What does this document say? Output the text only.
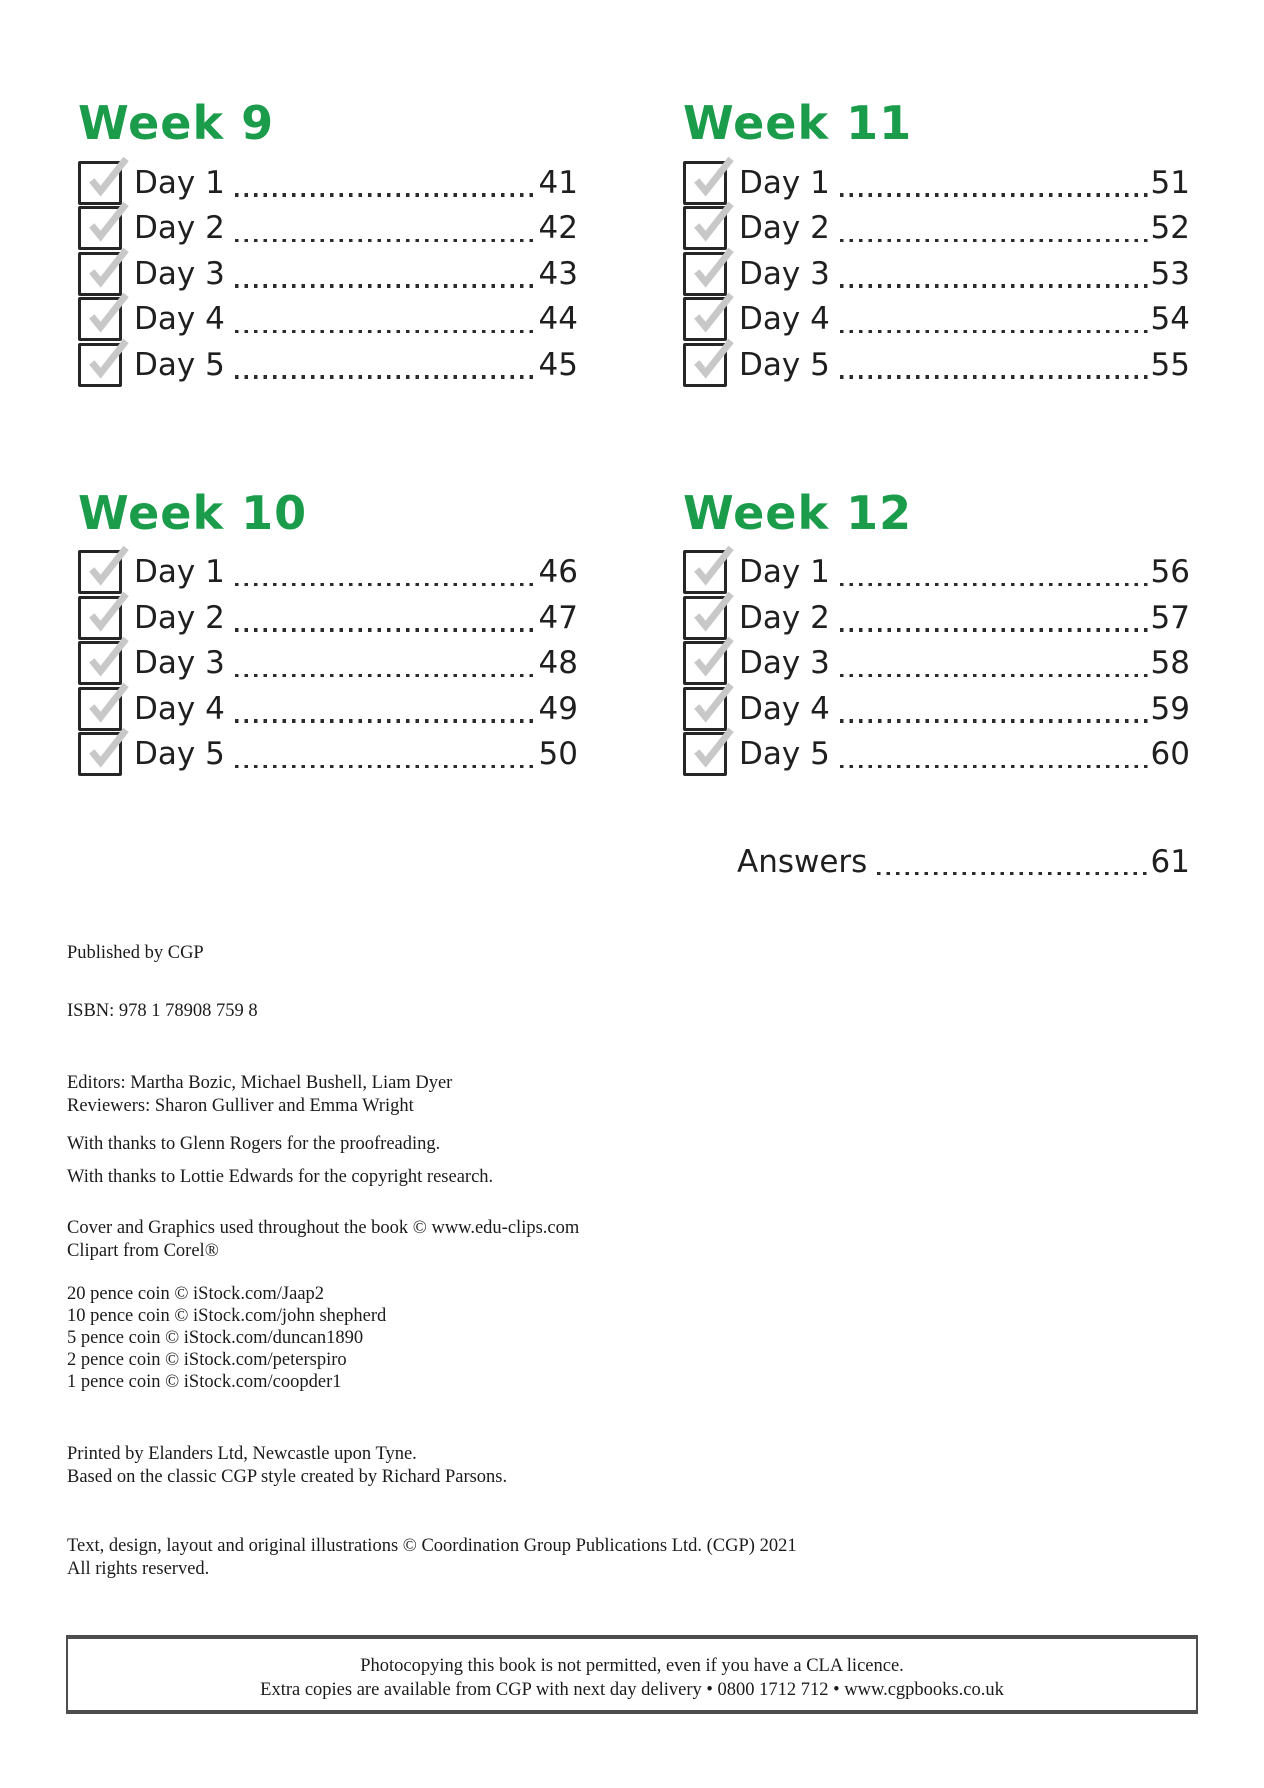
Week 9
Day 1	41
Day 2	42
Day 3	43
Day 4	44
Day 5	45
Week 10
Day 1	46
Day 2	47
Day 3	48
Day 4	49
Day 5	50
Week 11
Day 1	51
Day 2	52
Day 3	53
Day 4	54
Day 5	55
Week 12
Day 1	56
Day 2	57
Day 3	58
Day 4	59
Day 5	60
Answers	61

Published by CGP

ISBN: 978 1 78908 759 8

Editors: Martha Bozic, Michael Bushell, Liam Dyer
Reviewers: Sharon Gulliver and Emma Wright

With thanks to Glenn Rogers for the proofreading.

With thanks to Lottie Edwards for the copyright research.

Cover and Graphics used throughout the book © www.edu-clips.com
Clipart from Corel®

20 pence coin © iStock.com/Jaap2
10 pence coin © iStock.com/john shepherd
5 pence coin © iStock.com/duncan1890
2 pence coin © iStock.com/peterspiro
1 pence coin © iStock.com/coopder1

Printed by Elanders Ltd, Newcastle upon Tyne.
Based on the classic CGP style created by Richard Parsons.

Text, design, layout and original illustrations © Coordination Group Publications Ltd. (CGP) 2021
All rights reserved.

Photocopying this book is not permitted, even if you have a CLA licence.
Extra copies are available from CGP with next day delivery • 0800 1712 712 • www.cgpbooks.co.uk
